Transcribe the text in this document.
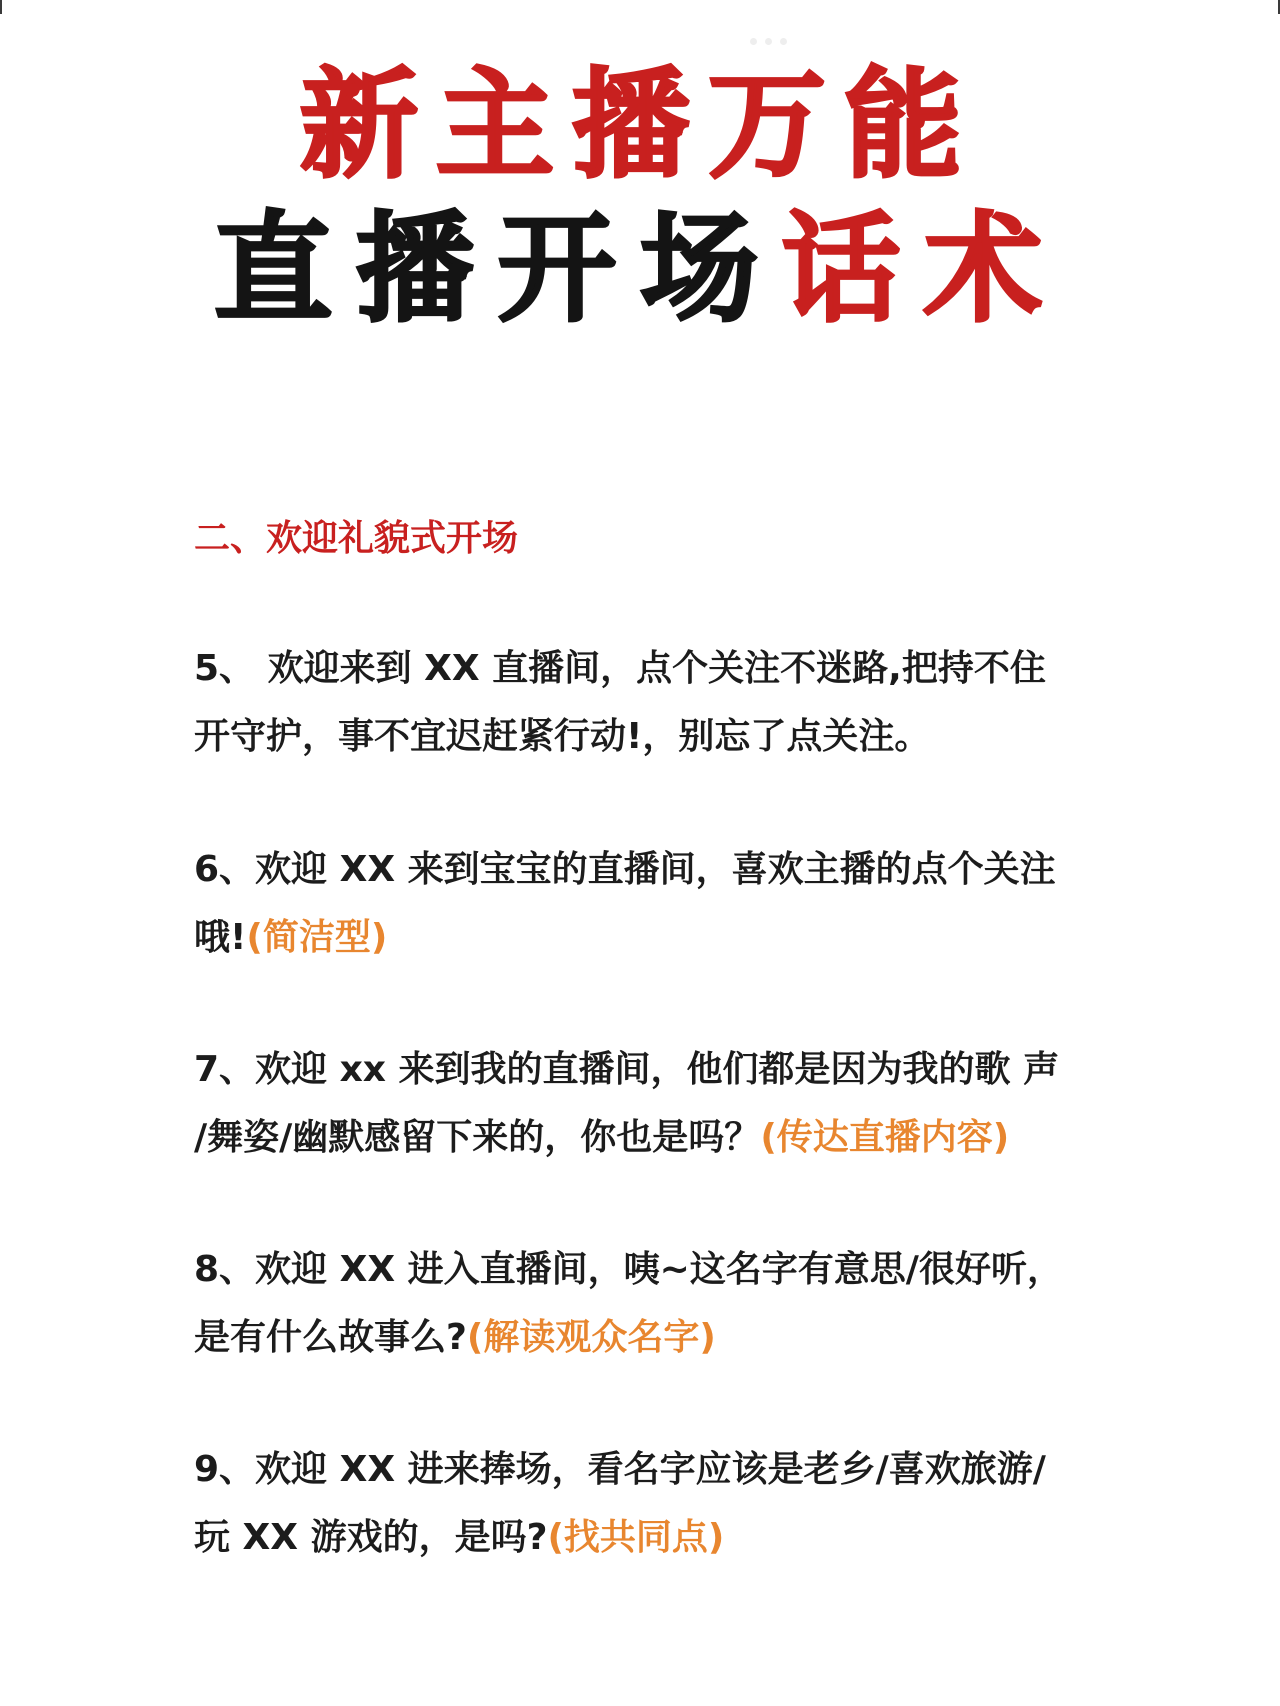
新主播万能
直播开场话术
二、欢迎礼貌式开场
5、 欢迎来到 XX 直播间，点个关注不迷路,把持不住
开守护，事不宜迟赶紧行动!，别忘了点关注。
6、欢迎 XX 来到宝宝的直播间，喜欢主播的点个关注
哦!(简洁型)
7、欢迎 xx 来到我的直播间，他们都是因为我的歌 声
/舞姿/幽默感留下来的，你也是吗？(传达直播内容)
8、欢迎 XX 进入直播间，咦~这名字有意思/很好听，
是有什么故事么?(解读观众名字)
9、欢迎 XX 进来捧场，看名字应该是老乡/喜欢旅游/
玩 XX 游戏的，是吗?(找共同点)
